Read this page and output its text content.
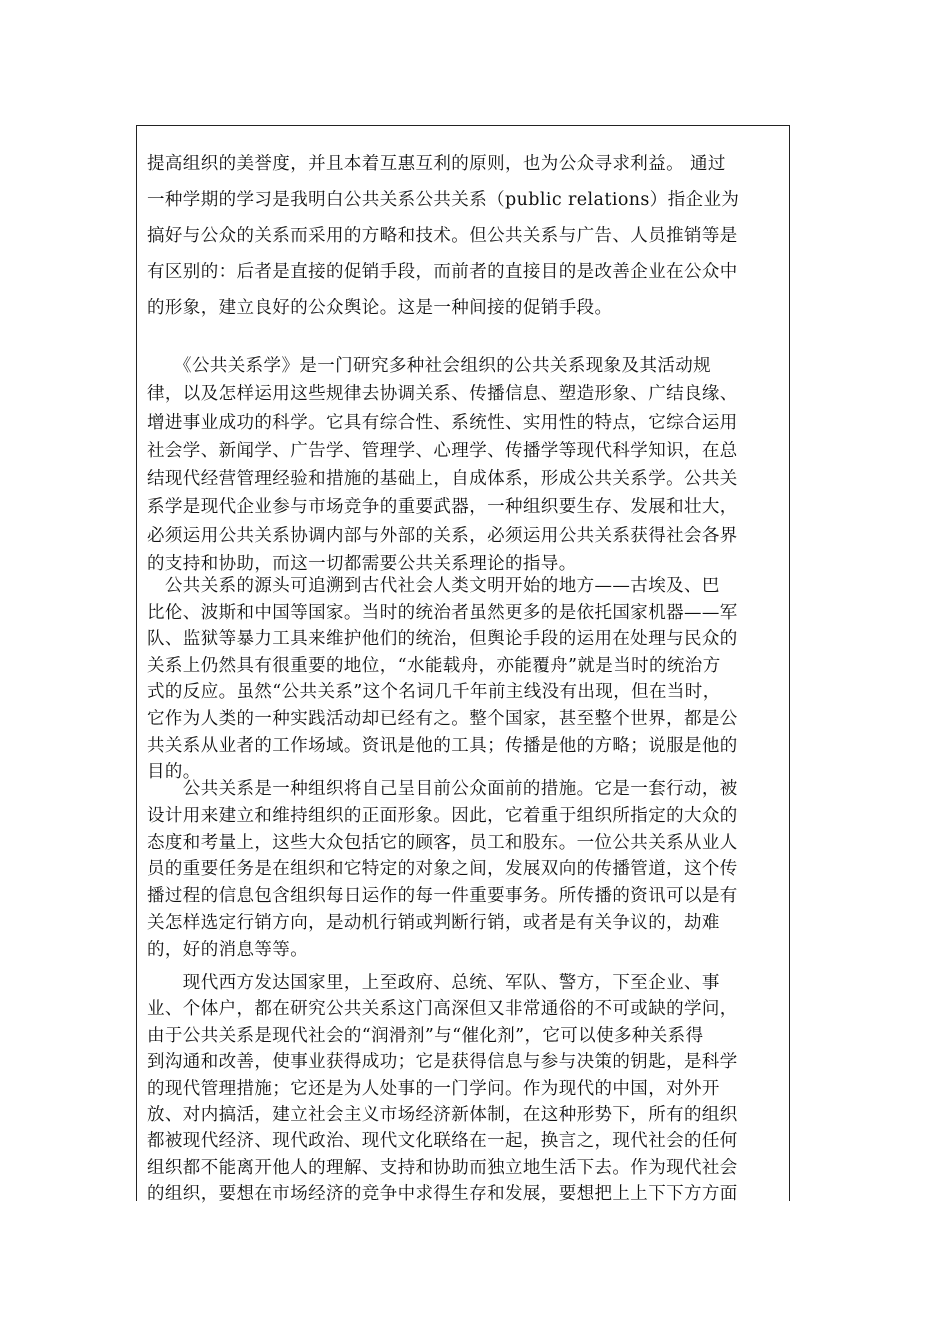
提高组织的美誉度，并且本着互惠互利的原则，也为公众寻求利益。 通过
一种学期的学习是我明白公共关系公共关系（public relations）指企业为
搞好与公众的关系而采用的方略和技术。但公共关系与广告、人员推销等是
有区别的：后者是直接的促销手段，而前者的直接目的是改善企业在公众中
的形象，建立良好的公众舆论。这是一种间接的促销手段。
　　《公共关系学》是一门研究多种社会组织的公共关系现象及其活动规
律，以及怎样运用这些规律去协调关系、传播信息、塑造形象、广结良缘、
增进事业成功的科学。它具有综合性、系统性、实用性的特点，它综合运用
社会学、新闻学、广告学、管理学、心理学、传播学等现代科学知识，在总
结现代经营管理经验和措施的基础上，自成体系，形成公共关系学。公共关
系学是现代企业参与市场竞争的重要武器，一种组织要生存、发展和壮大，
必须运用公共关系协调内部与外部的关系，必须运用公共关系获得社会各界
的支持和协助，而这一切都需要公共关系理论的指导。
　公共关系的源头可追溯到古代社会人类文明开始的地方——古埃及、巴
比伦、波斯和中国等国家。当时的统治者虽然更多的是依托国家机器——军
队、监狱等暴力工具来维护他们的统治，但舆论手段的运用在处理与民众的
关系上仍然具有很重要的地位，“水能载舟，亦能覆舟”就是当时的统治方
式的反应。虽然“公共关系”这个名词几千年前主线没有出现，但在当时，
它作为人类的一种实践活动却已经有之。整个国家，甚至整个世界，都是公
共关系从业者的工作场域。资讯是他的工具；传播是他的方略；说服是他的
目的。
　　公共关系是一种组织将自己呈目前公众面前的措施。它是一套行动，被
设计用来建立和维持组织的正面形象。因此，它着重于组织所指定的大众的
态度和考量上，这些大众包括它的顾客，员工和股东。一位公共关系从业人
员的重要任务是在组织和它特定的对象之间，发展双向的传播管道，这个传
播过程的信息包含组织每日运作的每一件重要事务。所传播的资讯可以是有
关怎样选定行销方向，是动机行销或判断行销，或者是有关争议的，劫难
的，好的消息等等。
　　现代西方发达国家里，上至政府、总统、军队、警方，下至企业、事
业、个体户，都在研究公共关系这门高深但又非常通俗的不可或缺的学问，
由于公共关系是现代社会的“润滑剂”与“催化剂”，它可以使多种关系得
到沟通和改善，使事业获得成功；它是获得信息与参与决策的钥匙，是科学
的现代管理措施；它还是为人处事的一门学问。作为现代的中国，对外开
放、对内搞活，建立社会主义市场经济新体制，在这种形势下，所有的组织
都被现代经济、现代政治、现代文化联络在一起，换言之，现代社会的任何
组织都不能离开他人的理解、支持和协助而独立地生活下去。作为现代社会
的组织，要想在市场经济的竞争中求得生存和发展，要想把上上下下方方面
